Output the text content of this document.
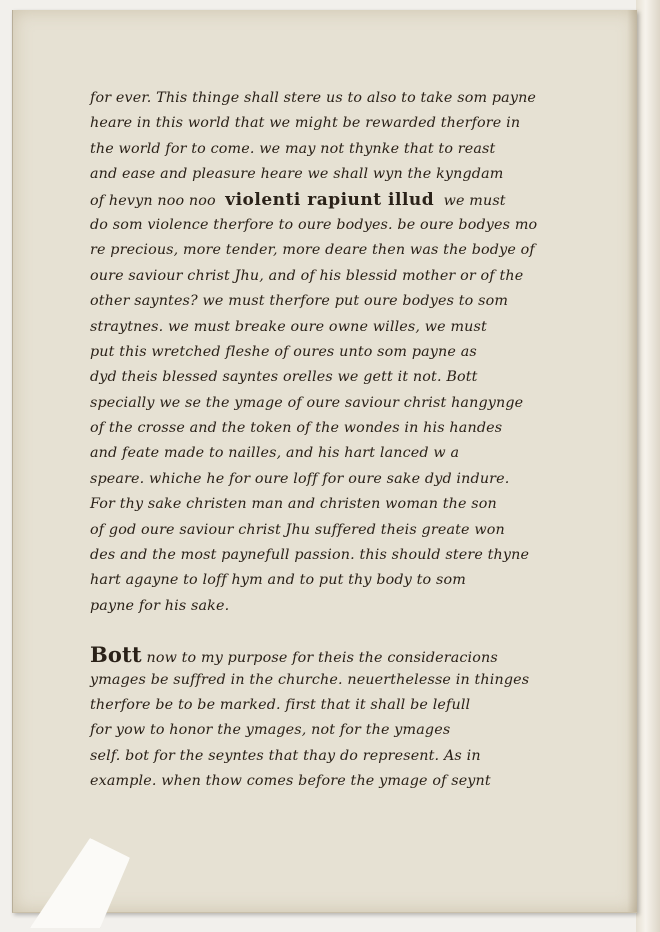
for ever. This thinge shall stere us to also to take som payne
heare in this world that we might be rewarded therfore in
the world for to come. we may not thynke that to reast
and ease and pleasure heare we shall wyn the kyngdam
of hevyn noo noo violenti rapiunt illud we must
do som violence therfore to oure bodyes. be oure bodyes mo
re precious, more tender, more deare then was the bodye of
oure saviour christ Jhu, and of his blessid mother or of the
other sayntes? we must therfore put oure bodyes to som
straytnes. we must breake oure owne willes, we must
put this wretched fleshe of oures unto som payne as
dyd theis blessed sayntes orelles we gett it not. Bott
specially we se the ymage of oure saviour christ hangynge
of the crosse and the token of the wondes in his handes
and feate made to nailles, and his hart lanced w a
speare. whiche he for oure loff for oure sake dyd indure.
For thy sake christen man and christen woman the son
of god oure saviour christ Jhu suffered theis greate won
des and the most paynefull passion. this should stere thyne
hart agayne to loff hym and to put thy body to som
payne for his sake.
Bott now to my purpose for theis the consideracions
ymages be suffred in the churche. neuerthelesse in thinges
therfore be to be marked. first that it shall be lefull
for yow to honor the ymages, not for the ymages
self. bot for the seyntes that thay do represent. As in
example. when thow comes before the ymage of seynt
